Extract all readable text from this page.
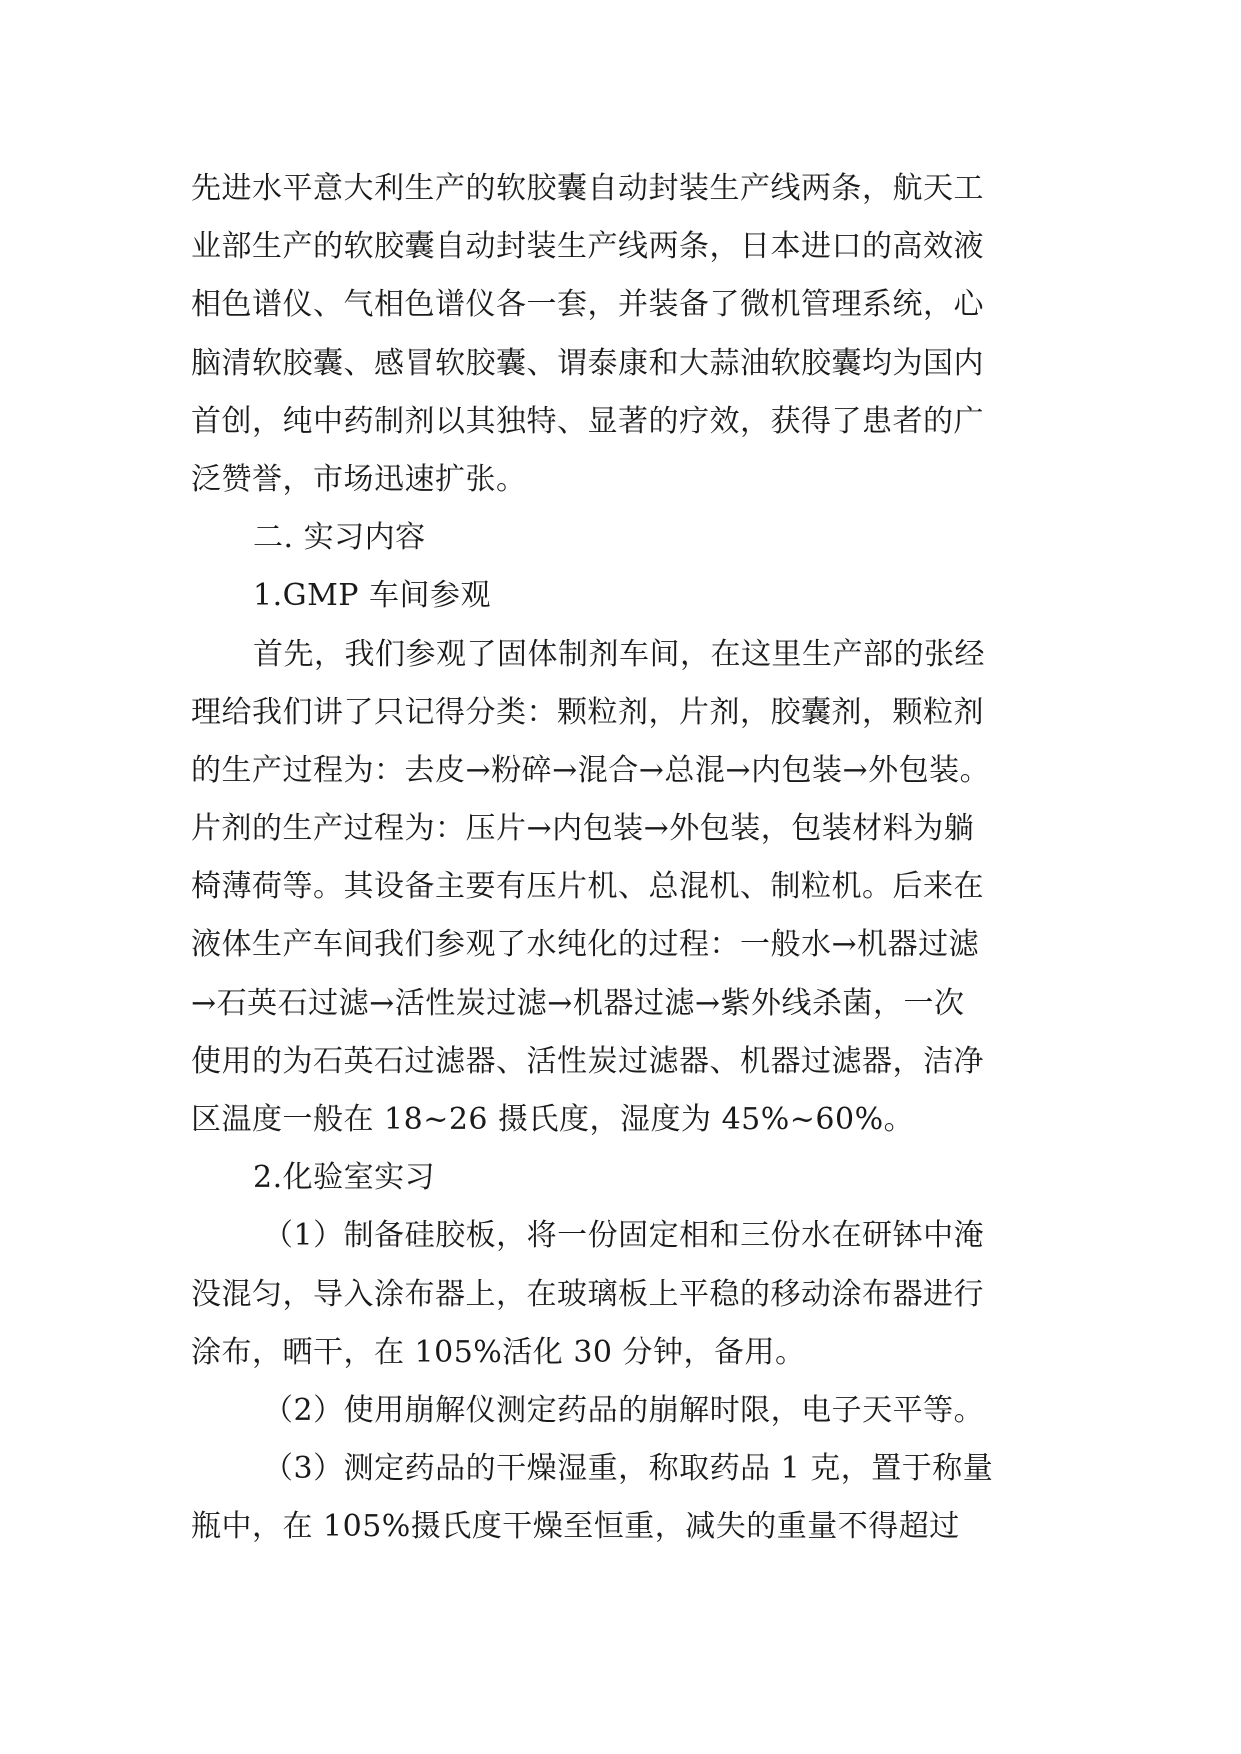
先进水平意大利生产的软胶囊自动封装生产线两条，航天工
业部生产的软胶囊自动封装生产线两条，日本进口的高效液
相色谱仪、气相色谱仪各一套，并装备了微机管理系统，心
脑清软胶囊、感冒软胶囊、谓泰康和大蒜油软胶囊均为国内
首创，纯中药制剂以其独特、显著的疗效，获得了患者的广
泛赞誉，市场迅速扩张。
二. 实习内容
1.GMP 车间参观
首先，我们参观了固体制剂车间，在这里生产部的张经
理给我们讲了只记得分类：颗粒剂，片剂，胶囊剂，颗粒剂
的生产过程为：去皮→粉碎→混合→总混→内包装→外包装。
片剂的生产过程为：压片→内包装→外包装，包装材料为躺
椅薄荷等。其设备主要有压片机、总混机、制粒机。后来在
液体生产车间我们参观了水纯化的过程：一般水→机器过滤
→石英石过滤→活性炭过滤→机器过滤→紫外线杀菌，一次
使用的为石英石过滤器、活性炭过滤器、机器过滤器，洁净
区温度一般在 18~26 摄氏度，湿度为 45%~60%。
2.化验室实习
（1）制备硅胶板，将一份固定相和三份水在研钵中淹
没混匀，导入涂布器上，在玻璃板上平稳的移动涂布器进行
涂布，晒干，在 105%活化 30 分钟，备用。
（2）使用崩解仪测定药品的崩解时限，电子天平等。
（3）测定药品的干燥湿重，称取药品 1 克，置于称量
瓶中，在 105%摄氏度干燥至恒重，减失的重量不得超过
